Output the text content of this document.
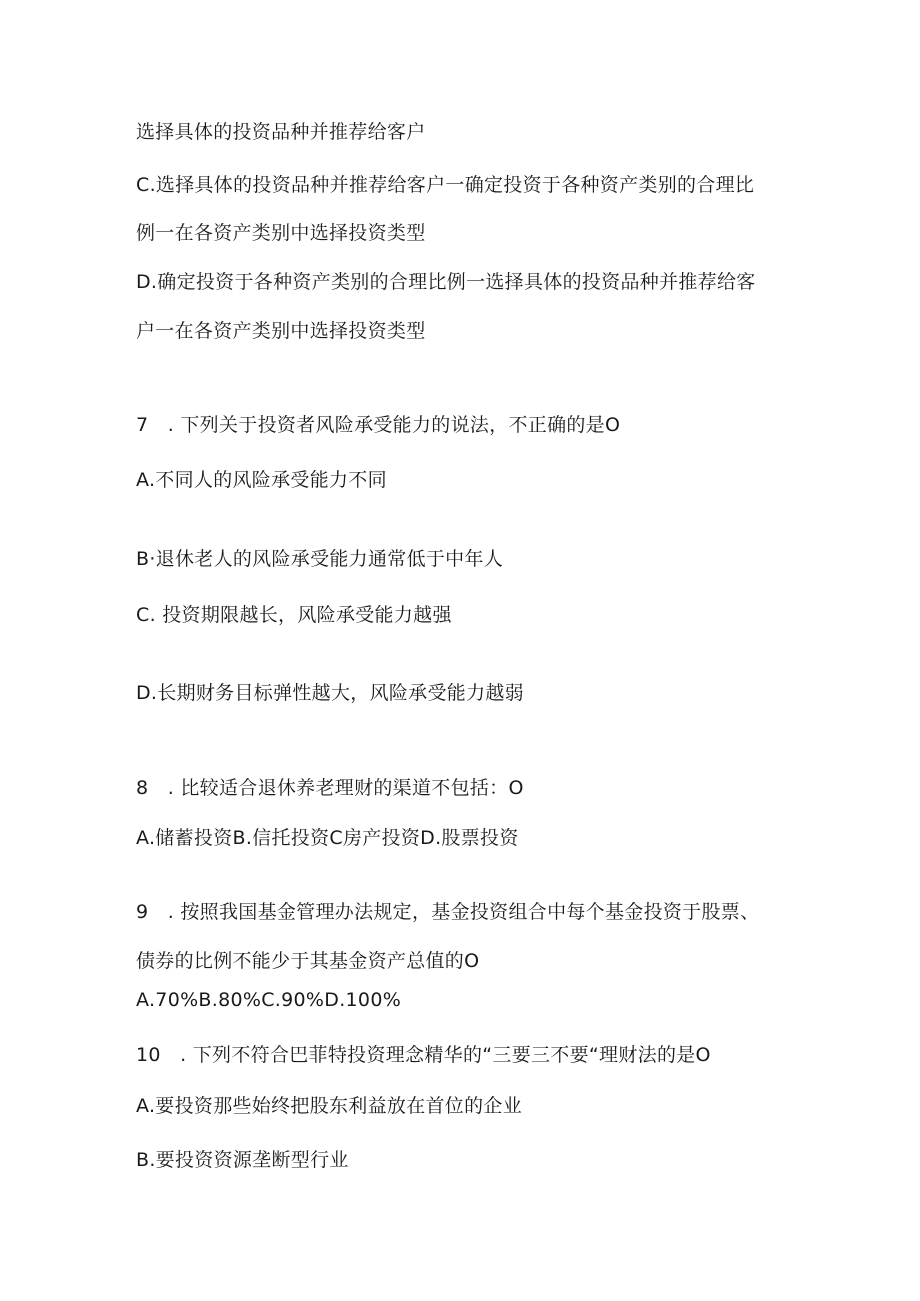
选择具体的投资品种并推荐给客户
C.选择具体的投资品种并推荐给客户一确定投资于各种资产类别的合理比
例一在各资产类别中选择投资类型
D.确定投资于各种资产类别的合理比例一选择具体的投资品种并推荐给客
户一在各资产类别中选择投资类型
7　. 下列关于投资者风险承受能力的说法，不正确的是O
A.不同人的风险承受能力不同
B·退休老人的风险承受能力通常低于中年人
C. 投资期限越长，风险承受能力越强
D.长期财务目标弹性越大，风险承受能力越弱
8　. 比较适合退休养老理财的渠道不包括：O
A.储蓄投资B.信托投资C房产投资D.股票投资
9　. 按照我国基金管理办法规定，基金投资组合中每个基金投资于股票、
债券的比例不能少于其基金资产总值的O
A.70%B.80%C.90%D.100%
10　. 下列不符合巴菲特投资理念精华的“三要三不要“理财法的是O
A.要投资那些始终把股东利益放在首位的企业
B.要投资资源垄断型行业
